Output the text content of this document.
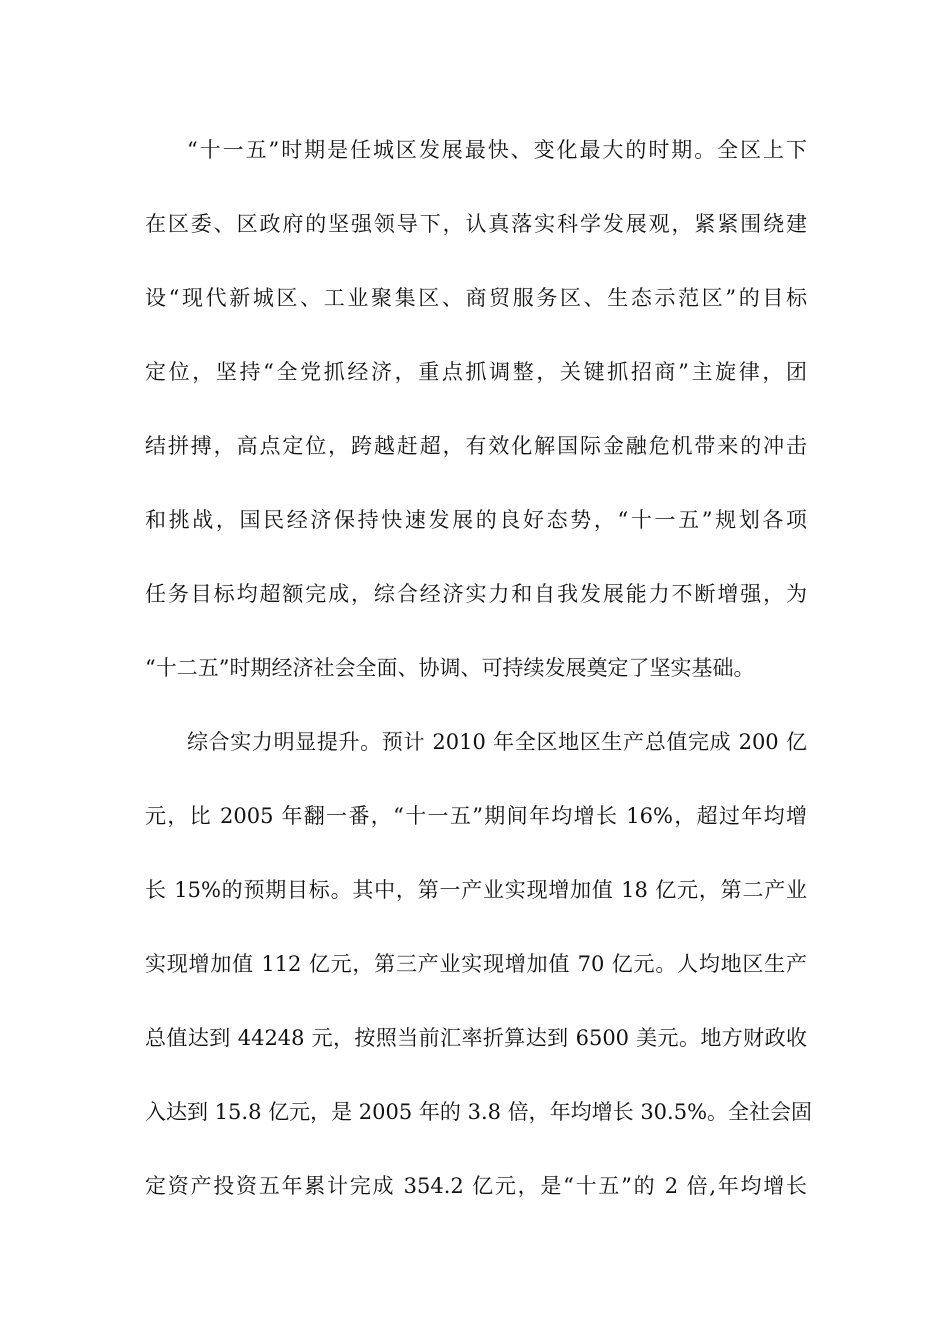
“十一五”时期是任城区发展最快、变化最大的时期。全区上下
在区委、区政府的坚强领导下，认真落实科学发展观，紧紧围绕建
设“现代新城区、工业聚集区、商贸服务区、生态示范区”的目标
定位，坚持“全党抓经济，重点抓调整，关键抓招商”主旋律，团
结拼搏，高点定位，跨越赶超，有效化解国际金融危机带来的冲击
和挑战，国民经济保持快速发展的良好态势，“十一五”规划各项
任务目标均超额完成，综合经济实力和自我发展能力不断增强，为
“十二五”时期经济社会全面、协调、可持续发展奠定了坚实基础。
综合实力明显提升。预计 2010 年全区地区生产总值完成 200 亿
元，比 2005 年翻一番，“十一五”期间年均增长 16%，超过年均增
长 15%的预期目标。其中，第一产业实现增加值 18 亿元，第二产业
实现增加值 112 亿元，第三产业实现增加值 70 亿元。人均地区生产
总值达到 44248 元，按照当前汇率折算达到 6500 美元。地方财政收
入达到 15.8 亿元，是 2005 年的 3.8 倍，年均增长 30.5%。全社会固
定资产投资五年累计完成 354.2 亿元，是“十五”的 2 倍,年均增长
